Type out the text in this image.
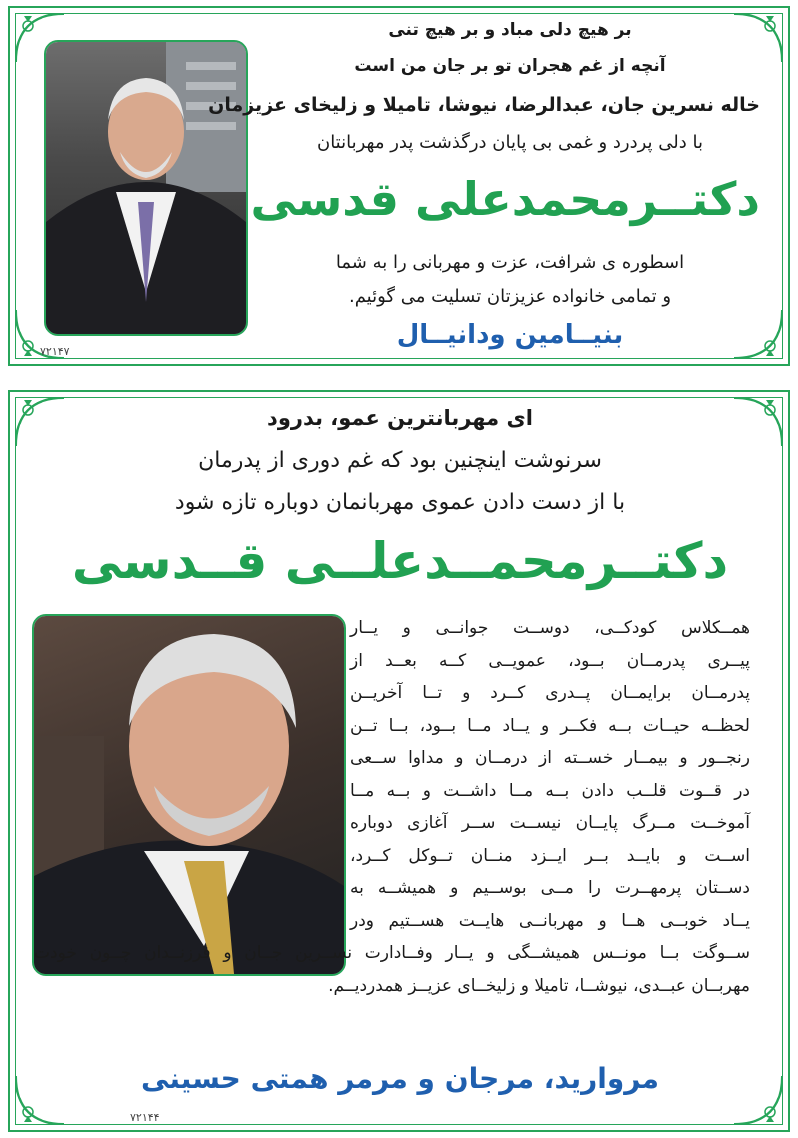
بر هیچ دلی مباد و بر هیچ تنی
آنچه از غم هجران تو بر جان من است
خاله نسرین جان، عبدالرضا، نیوشا، تامیلا و زلیخای عزیزمان
با دلی پردرد و غمی بی پایان درگذشت پدر مهربانتان
دکتــرمحمدعلی قدسی
اسطوره ی شرافت، عزت و مهربانی را به شما
و تمامی خانواده عزیزتان تسلیت می گوئیم.
بنیــامین ودانیــال
۷۲۱۴۷
ای مهربانترین عمو، بدرود
سرنوشت اینچنین بود که غم دوری از پدرمان
با از دست دادن عموی مهربانمان دوباره تازه شود
دکتــرمحمــدعلــی قــدسی
همــکلاس کودکــی، دوســت جوانــی و یــار
پیــری پدرمــان بــود، عمویــی کــه بعــد از
پدرمــان برایمــان پــدری کــرد و تــا آخریــن
لحظــه حیــات بــه فکــر و یــاد مــا بــود، بــا تــن
رنجــور و بیمــار خســته از درمــان و مداوا ســعی
در قــوت قلــب دادن بــه مــا داشــت و بــه مــا
آموخــت مــرگ پایــان نیســت ســر آغازی دوباره
اســت و بایــد بــر ایــزد منــان تــوکل کــرد،
دســتان پرمهــرت را مــی بوســیم و همیشــه به
یــاد خوبــی هــا و مهربانــی هایــت هســتیم ودر
ســوگت بــا مونــس همیشــگی و یــار وفــادارت نســرین جــان و فرزنــدان چــون خودت
مهربــان عبــدی، نیوشــا، تامیلا و زلیخــای عزیــز همدردیــم.
مروارید، مرجان و مرمر همتی حسینی
۷۲۱۴۴
